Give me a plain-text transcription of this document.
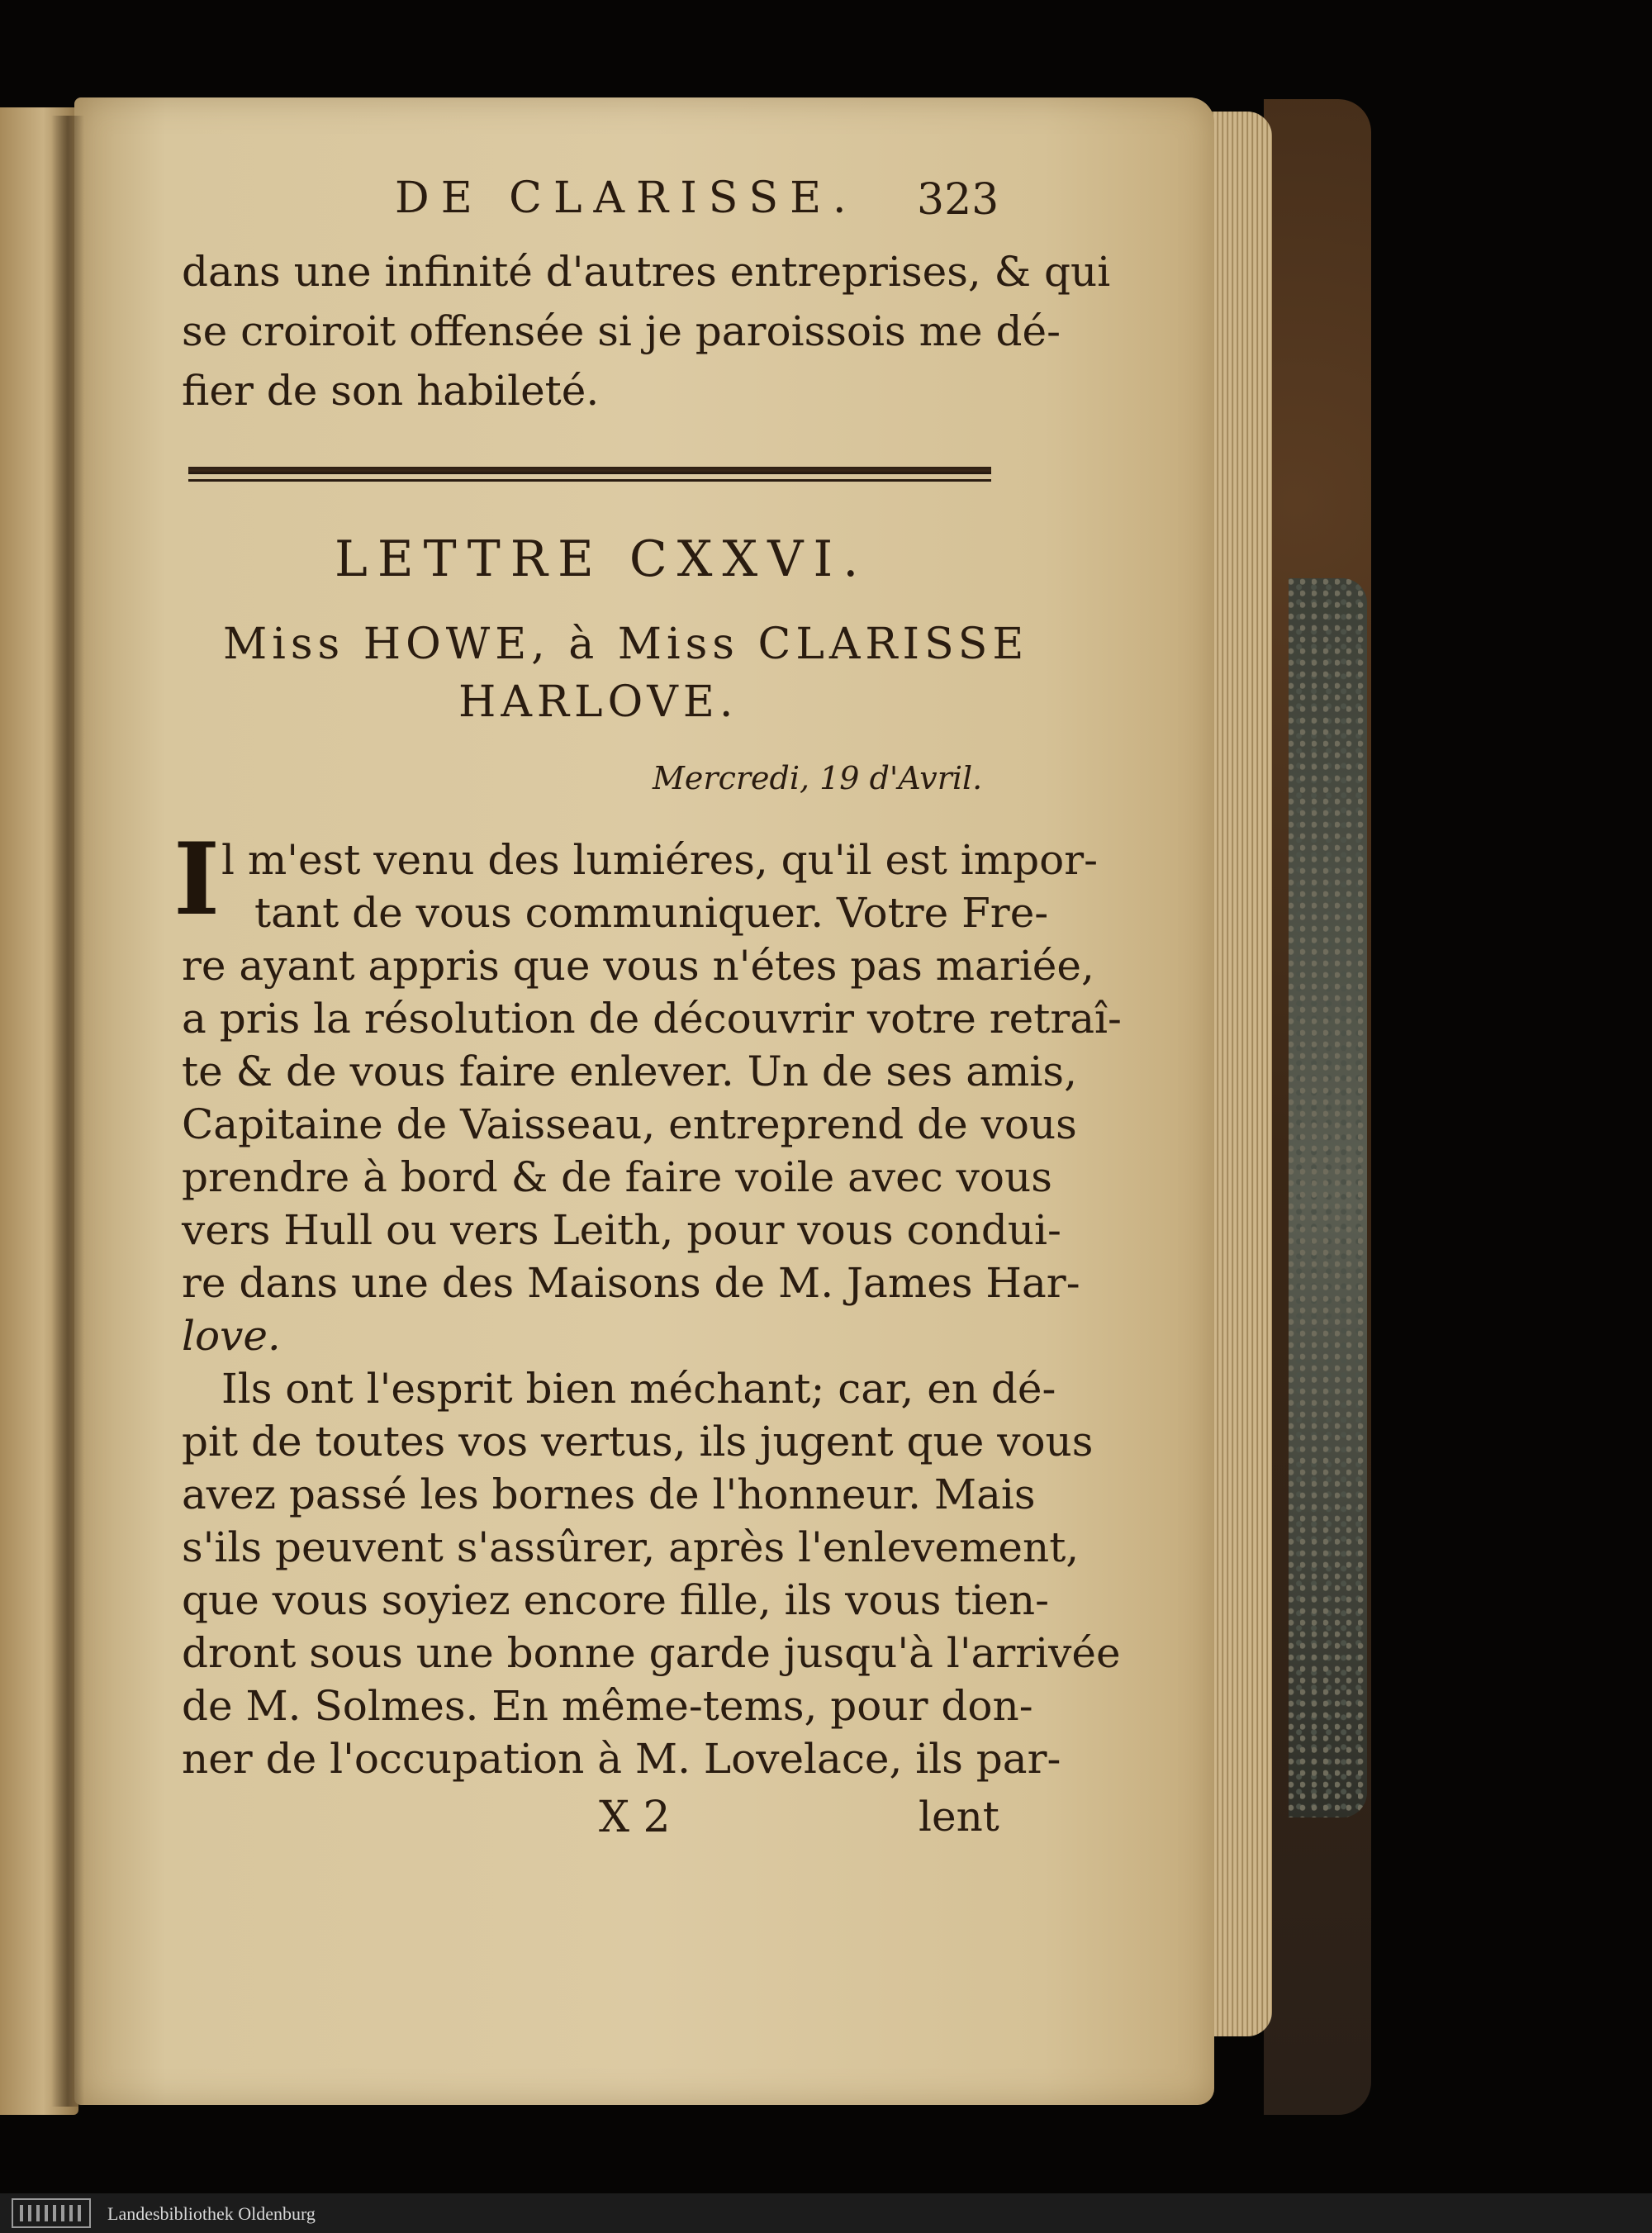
DE CLARISSE. 323
dans une infinité d'autres entreprises, & qui
se croiroit offensée si je paroissois me dé-
fier de son habileté.
LETTRE CXXVI.
Miss HOWE, à Miss CLARISSE
HARLOVE.
Mercredi, 19 d'Avril.
I l m'est venu des lumiéres, qu'il est impor-
tant de vous communiquer. Votre Fre-
re ayant appris que vous n'étes pas mariée,
a pris la résolution de découvrir votre retraî-
te & de vous faire enlever. Un de ses amis,
Capitaine de Vaisseau, entreprend de vous
prendre à bord & de faire voile avec vous
vers Hull ou vers Leith, pour vous condui-
re dans une des Maisons de M. James Har-
love.
Ils ont l'esprit bien méchant; car, en dé-
pit de toutes vos vertus, ils jugent que vous
avez passé les bornes de l'honneur. Mais
s'ils peuvent s'assûrer, après l'enlevement,
que vous soyiez encore fille, ils vous tien-
dront sous une bonne garde jusqu'à l'arrivée
de M. Solmes. En même-tems, pour don-
ner de l'occupation à M. Lovelace, ils par-
X 2	lent
Landesbibliothek Oldenburg
